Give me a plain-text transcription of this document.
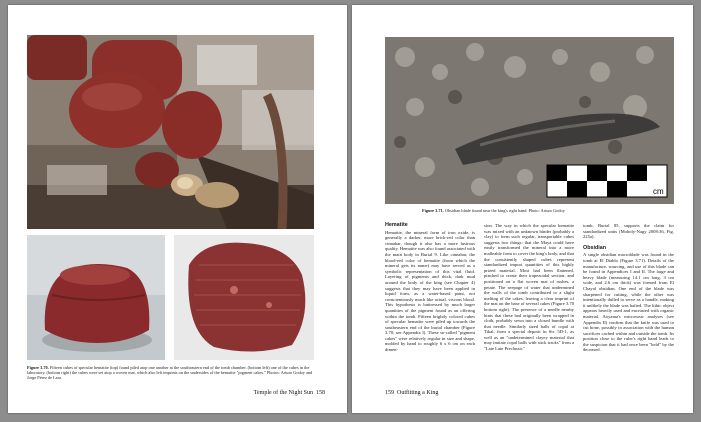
Figure 3.70. Fifteen cubes of specular hematite (top) found piled atop one another at the southeastern end of the tomb chamber. (bottom left) one of the cubes in the laboratory. (bottom right) the cubes were set atop a woven mat, which also left imprints on the undersides of the hematite "pigment cakes." Photos: Arturo Godoy and Jorge Pérez de Lara.
Temple of the Night Sun 158
cm
Figure 3.71. Obsidian blade found near the king's right hand. Photo: Arturo Godoy
Hematite

Hematite, the mineral form of iron oxide, is generally a darker, more brick-red color than cinnabar, though it also has a more lustrous quality. Hematite was also found associated with the main body in Burial 9. Like cinnabar, the blood-red color of hematite (from which the mineral gets its name) may have served as a symbolic representation of this vital fluid. Layering of pigments and thick, dark mud around the body of the king (see Chapter 4) suggests that they may have been applied in liquid form, as a water-based paint, not conscientiously much like actual, viscous blood. This hypothesis is buttressed by much larger quantities of the pigment found as an offering within the tomb. Fifteen brightly colored cubes of specular hematite were piled up towards the southeastern end of the burial chamber (Figure 3.70; see Appendix I). These so-called "pigment cakes" were relatively regular in size and shape, molded by hand to roughly 6 x 6 cm on each dimen-

sion. The way in which the specular hematite was mixed with an unknown binder (probably a clay) to form such regular, transportable cubes suggests two things: that the Maya could have easily transformed the mineral into a more malleable form to cover the king's body, and that the consistently shaped cubes represent standardized import quantities of this highly prized material. Most had been flattened, pinched to create their trapezoidal section, and positioned on a flat woven mat of rushes, a petate. The seepage of water that undermined the walls of the tomb contributed to a slight melting of the cakes, leaving a clear imprint of the mat on the base of several cakes (Figure 3.70 bottom right). The presence of a needle nearby hints that these had originally been wrapped in cloth, probably sewn into a closed bundle with that needle. Similarly sized balls of copal at Tikal, from a special deposit in Str. 5D-1, as well as an "undetermined clayey material that may imitate copal balls with stick tracks" from a "Late Late Preclassic"

tomb, Burial 85, supports the claim for standardized units (Moholy-Nagy 2008:36, Fig. 225a).

Obsidian

A single obsidian macroblade was found in the tomb at El Diablo (Figure 3.71). Details of the manufacture, sourcing, and use of this blade can be found in Appendices I and II. The large and heavy blade (measuring 14.1 cm long, 3 cm wide, and 2.6 cm thick) was formed from El Chayal obsidian. One end of the blade was sharpened for cutting, while the other was intentionally dulled to serve as a handle, making it unlikely the blade was hafted. The lithic object appears heavily used and encrusted with organic material. Aoyama's microwear analyses (see Appendix II) confirm that the knife was used to cut bone, possibly in association with the human sacrifices cached within and outside the tomb. Its position close to the ruler's right hand leads to the suspicion that it had once been "held" by the deceased.

159 Outfitting a King
